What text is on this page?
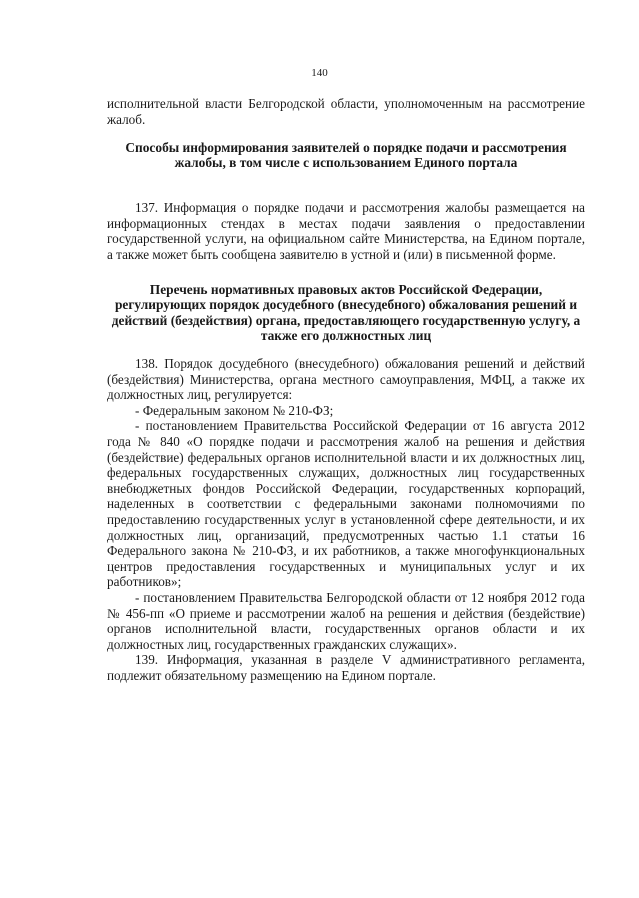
140

исполнительной власти Белгородской области, уполномоченным на рассмотрение жалоб.

Способы информирования заявителей о порядке подачи и рассмотрения жалобы, в том числе с использованием Единого портала

137. Информация о порядке подачи и рассмотрения жалобы размещается на информационных стендах в местах подачи заявления о предоставлении государственной услуги, на официальном сайте Министерства, на Едином портале, а также может быть сообщена заявителю в устной и (или) в письменной форме.

Перечень нормативных правовых актов Российской Федерации, регулирующих порядок досудебного (внесудебного) обжалования решений и действий (бездействия) органа, предоставляющего государственную услугу, а также его должностных лиц

138. Порядок досудебного (внесудебного) обжалования решений и действий (бездействия) Министерства, органа местного самоуправления, МФЦ, а также их должностных лиц, регулируется:

- Федеральным законом № 210-ФЗ;

- постановлением Правительства Российской Федерации от 16 августа 2012 года № 840 «О порядке подачи и рассмотрения жалоб на решения и действия (бездействие) федеральных органов исполнительной власти и их должностных лиц, федеральных государственных служащих, должностных лиц государственных внебюджетных фондов Российской Федерации, государственных корпораций, наделенных в соответствии с федеральными законами полномочиями по предоставлению государственных услуг в установленной сфере деятельности, и их должностных лиц, организаций, предусмотренных частью 1.1 статьи 16 Федерального закона № 210-ФЗ, и их работников, а также многофункциональных центров предоставления государственных и муниципальных услуг и их работников»;

- постановлением Правительства Белгородской области от 12 ноября 2012 года № 456-пп «О приеме и рассмотрении жалоб на решения и действия (бездействие) органов исполнительной власти, государственных органов области и их должностных лиц, государственных гражданских служащих».

139. Информация, указанная в разделе V административного регламента, подлежит обязательному размещению на Едином портале.
